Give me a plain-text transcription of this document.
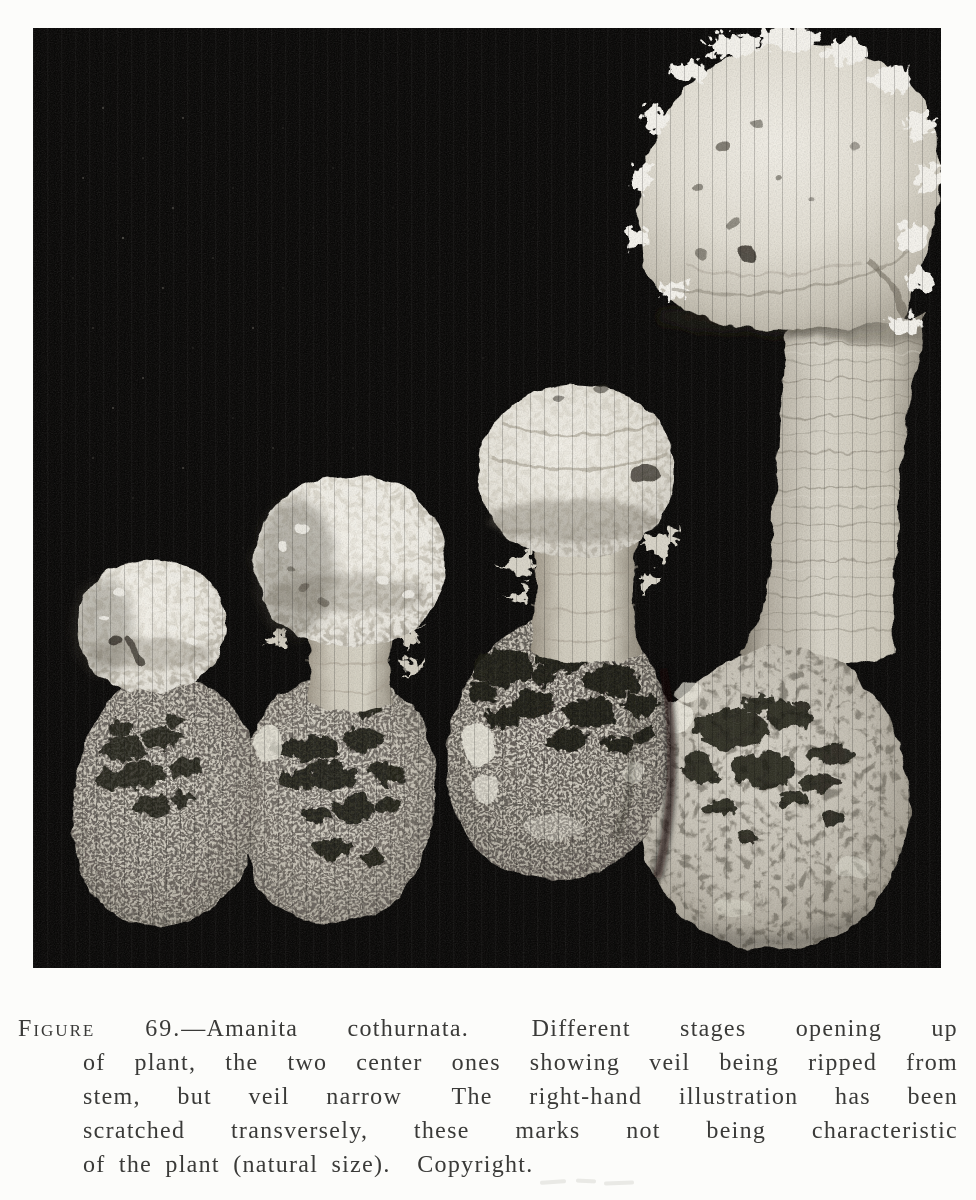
Figure 69.—Amanita cothurnata.  Different stages opening up
of plant, the two center ones showing veil being ripped from
stem, but veil narrow  The right-hand illustration has been
scratched transversely, these marks not being characteristic
of the plant (natural size).  Copyright.
